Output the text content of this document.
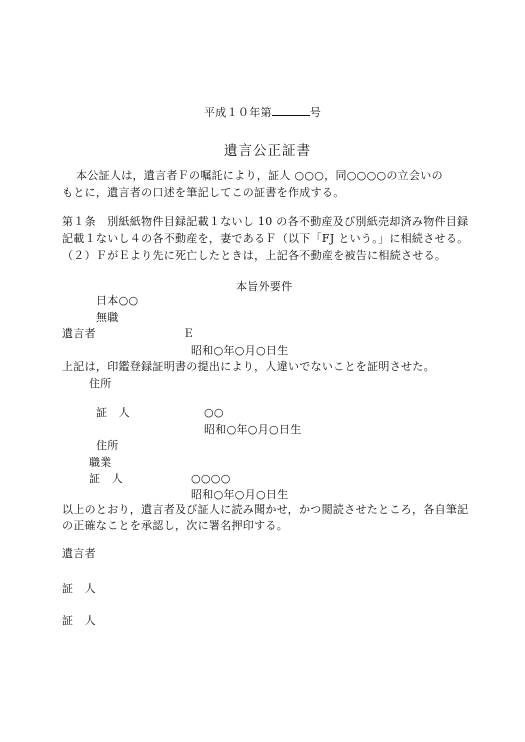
平成１０年第	号
遺言公正証書
本公証人は，遺言者Ｆの嘱託により，証人 ○○○，同○○○○の立会いの
もとに，遺言者の口述を筆記してこの証書を作成する。
第１条　別紙紙物件目録記載１ないし 10 の各不動産及び別紙売却済み物件目録
記載１ないし４の各不動産を，妻であるＦ（以下「FJ という。」に相続させる。
（２）ＦがＥより先に死亡したときは，上記各不動産を被告に相続させる。
本旨外要件
日本○○
無職
遺言者	Ｅ
昭和○年○月○日生
上記は，印鑑登録証明書の提出により，人違いでないことを証明させた。
住所
証　人	○○
昭和○年○月○日生
住所
職業
証　人	○○○○
昭和○年○月○日生
以上のとおり，遺言者及び証人に読み聞かせ，かつ閲読させたところ，各自筆記
の正確なことを承認し，次に署名押印する。
遺言者
証　人
証　人
